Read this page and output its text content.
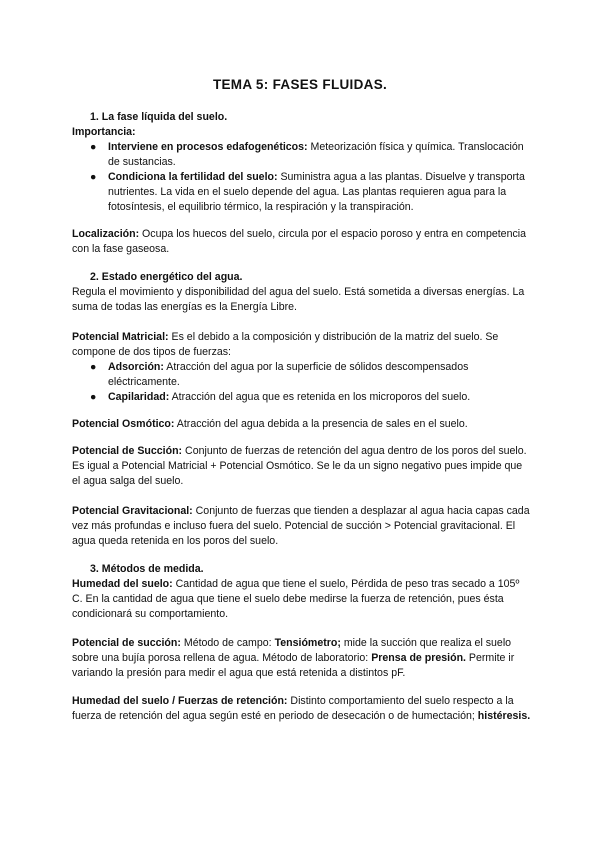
TEMA 5: FASES FLUIDAS.

1. La fase líquida del suelo.

Importancia:

● Interviene en procesos edafogenéticos: Meteorización física y química. Translocación de sustancias.
● Condiciona la fertilidad del suelo: Suministra agua a las plantas. Disuelve y transporta nutrientes. La vida en el suelo depende del agua. Las plantas requieren agua para la fotosíntesis, el equilibrio térmico, la respiración y la transpiración.

Localización: Ocupa los huecos del suelo, circula por el espacio poroso y entra en competencia con la fase gaseosa.

2. Estado energético del agua.

Regula el movimiento y disponibilidad del agua del suelo. Está sometida a diversas energías. La suma de todas las energías es la Energía Libre.

Potencial Matricial: Es el debido a la composición y distribución de la matriz del suelo. Se compone de dos tipos de fuerzas:

● Adsorción: Atracción del agua por la superficie de sólidos descompensados eléctricamente.
● Capilaridad: Atracción del agua que es retenida en los microporos del suelo.

Potencial Osmótico: Atracción del agua debida a la presencia de sales en el suelo.

Potencial de Succión: Conjunto de fuerzas de retención del agua dentro de los poros del suelo. Es igual a Potencial Matricial + Potencial Osmótico. Se le da un signo negativo pues impide que el agua salga del suelo.

Potencial Gravitacional: Conjunto de fuerzas que tienden a desplazar al agua hacia capas cada vez más profundas e incluso fuera del suelo. Potencial de succión > Potencial gravitacional. El agua queda retenida en los poros del suelo.

3. Métodos de medida.

Humedad del suelo: Cantidad de agua que tiene el suelo, Pérdida de peso tras secado a 105º C. En la cantidad de agua que tiene el suelo debe medirse la fuerza de retención, pues ésta condicionará su comportamiento.

Potencial de succión: Método de campo: Tensiómetro; mide la succión que realiza el suelo sobre una bujía porosa rellena de agua. Método de laboratorio: Prensa de presión. Permite ir variando la presión para medir el agua que está retenida a distintos pF.

Humedad del suelo / Fuerzas de retención: Distinto comportamiento del suelo respecto a la fuerza de retención del agua según esté en periodo de desecación o de humectación; histéresis.
